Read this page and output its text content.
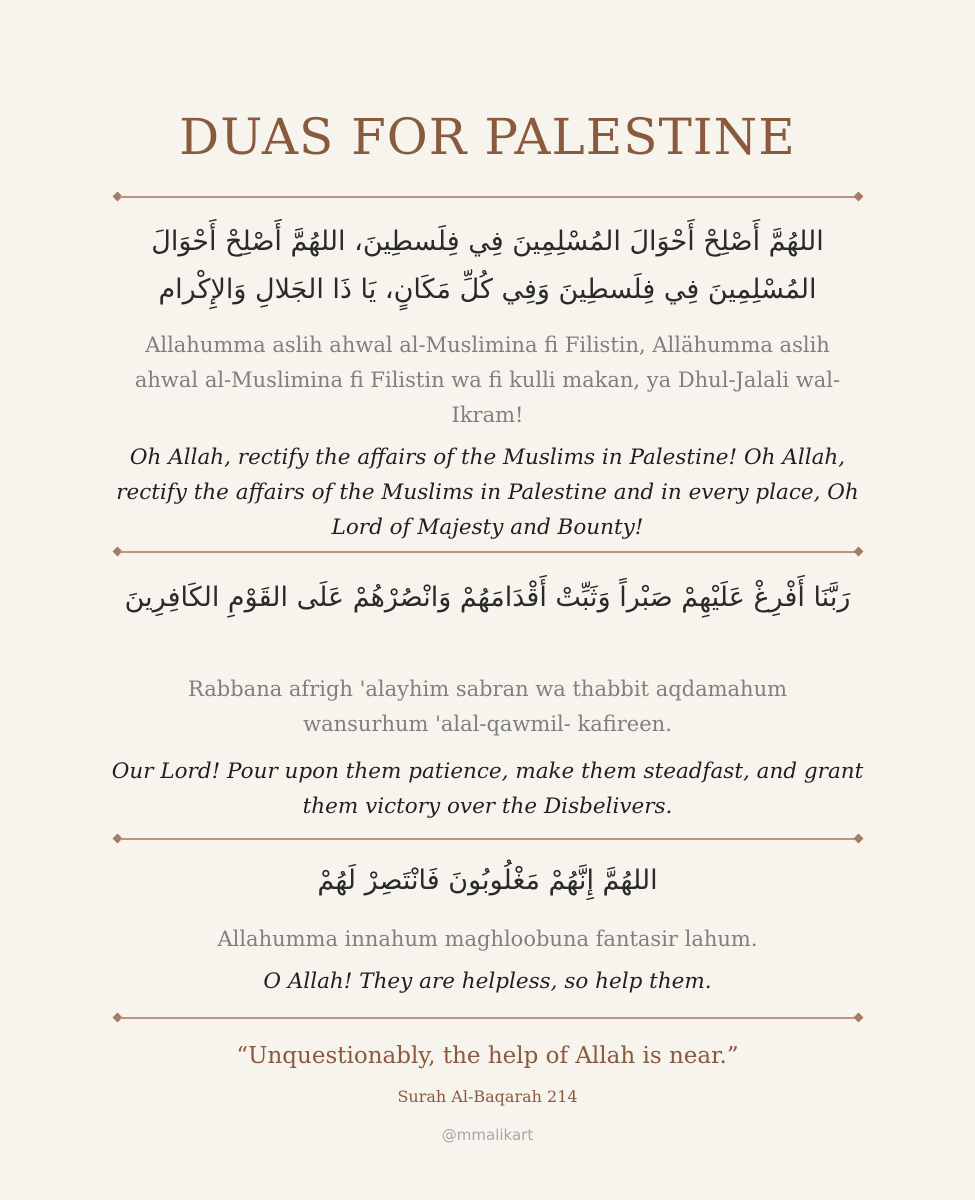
DUAS FOR PALESTINE
اللهُمَّ أَصْلِحْ أَحْوَالَ المُسْلِمِينَ فِي فِلَسطِينَ، اللهُمَّ أَصْلِحْ أَحْوَالَ المُسْلِمِينَ فِي فِلَسطِينَ وَفِي كُلِّ مَكَانٍ، يَا ذَا الجَلالِ وَالإِكْرام
Allahumma aslih ahwal al-Muslimina fi Filistin, Allähumma aslih ahwal al-Muslimina fi Filistin wa fi kulli makan, ya Dhul-Jalali wal-Ikram!
Oh Allah, rectify the affairs of the Muslims in Palestine! Oh Allah, rectify the affairs of the Muslims in Palestine and in every place, Oh Lord of Majesty and Bounty!
رَبَّنَا أَفْرِغْ عَلَيْهِمْ صَبْراً وَثَبِّتْ أَقْدَامَهُمْ وَانْصُرْهُمْ عَلَى القَوْمِ الكَافِرِينَ
Rabbana afrigh 'alayhim sabran wa thabbit aqdamahum wansurhum 'alal-qawmil- kafireen.
Our Lord! Pour upon them patience, make them steadfast, and grant them victory over the Disbelivers.
اللهُمَّ إِنَّهُمْ مَغْلُوبُونَ فَانْتَصِرْ لَهُمْ
Allahumma innahum maghloobuna fantasir lahum.
O Allah! They are helpless, so help them.
“Unquestionably, the help of Allah is near.”
Surah Al-Baqarah 214
@mmalikart
